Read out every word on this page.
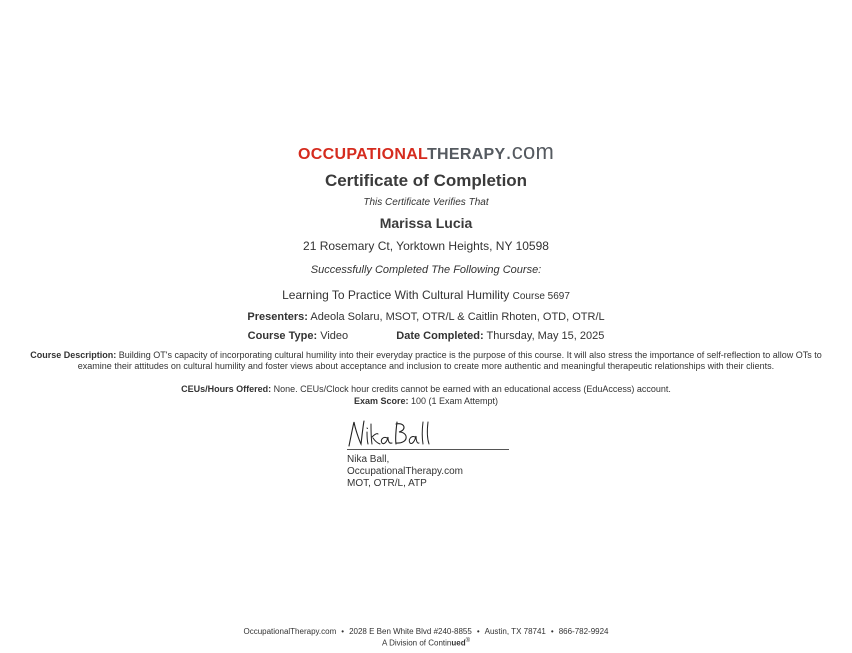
occupationaltherapy.com
Certificate of Completion
This Certificate Verifies That
Marissa Lucia
21 Rosemary Ct, Yorktown Heights, NY 10598
Successfully Completed The Following Course:
Learning To Practice With Cultural Humility Course 5697
Presenters: Adeola Solaru, MSOT, OTR/L & Caitlin Rhoten, OTD, OTR/L
Course Type: Video	Date Completed: Thursday, May 15, 2025
Course Description: Building OT's capacity of incorporating cultural humility into their everyday practice is the purpose of this course. It will also stress the importance of self-reflection to allow OTs to examine their attitudes on cultural humility and foster views about acceptance and inclusion to create more authentic and meaningful therapeutic relationships with their clients.
CEUs/Hours Offered: None. CEUs/Clock hour credits cannot be earned with an educational access (EduAccess) account.
Exam Score: 100 (1 Exam Attempt)
Nika Ball,
OccupationalTherapy.com
MOT, OTR/L, ATP
OccupationalTherapy.com • 2028 E Ben White Blvd #240-8855 • Austin, TX 78741 • 866-782-9924
A Division of Continued®
